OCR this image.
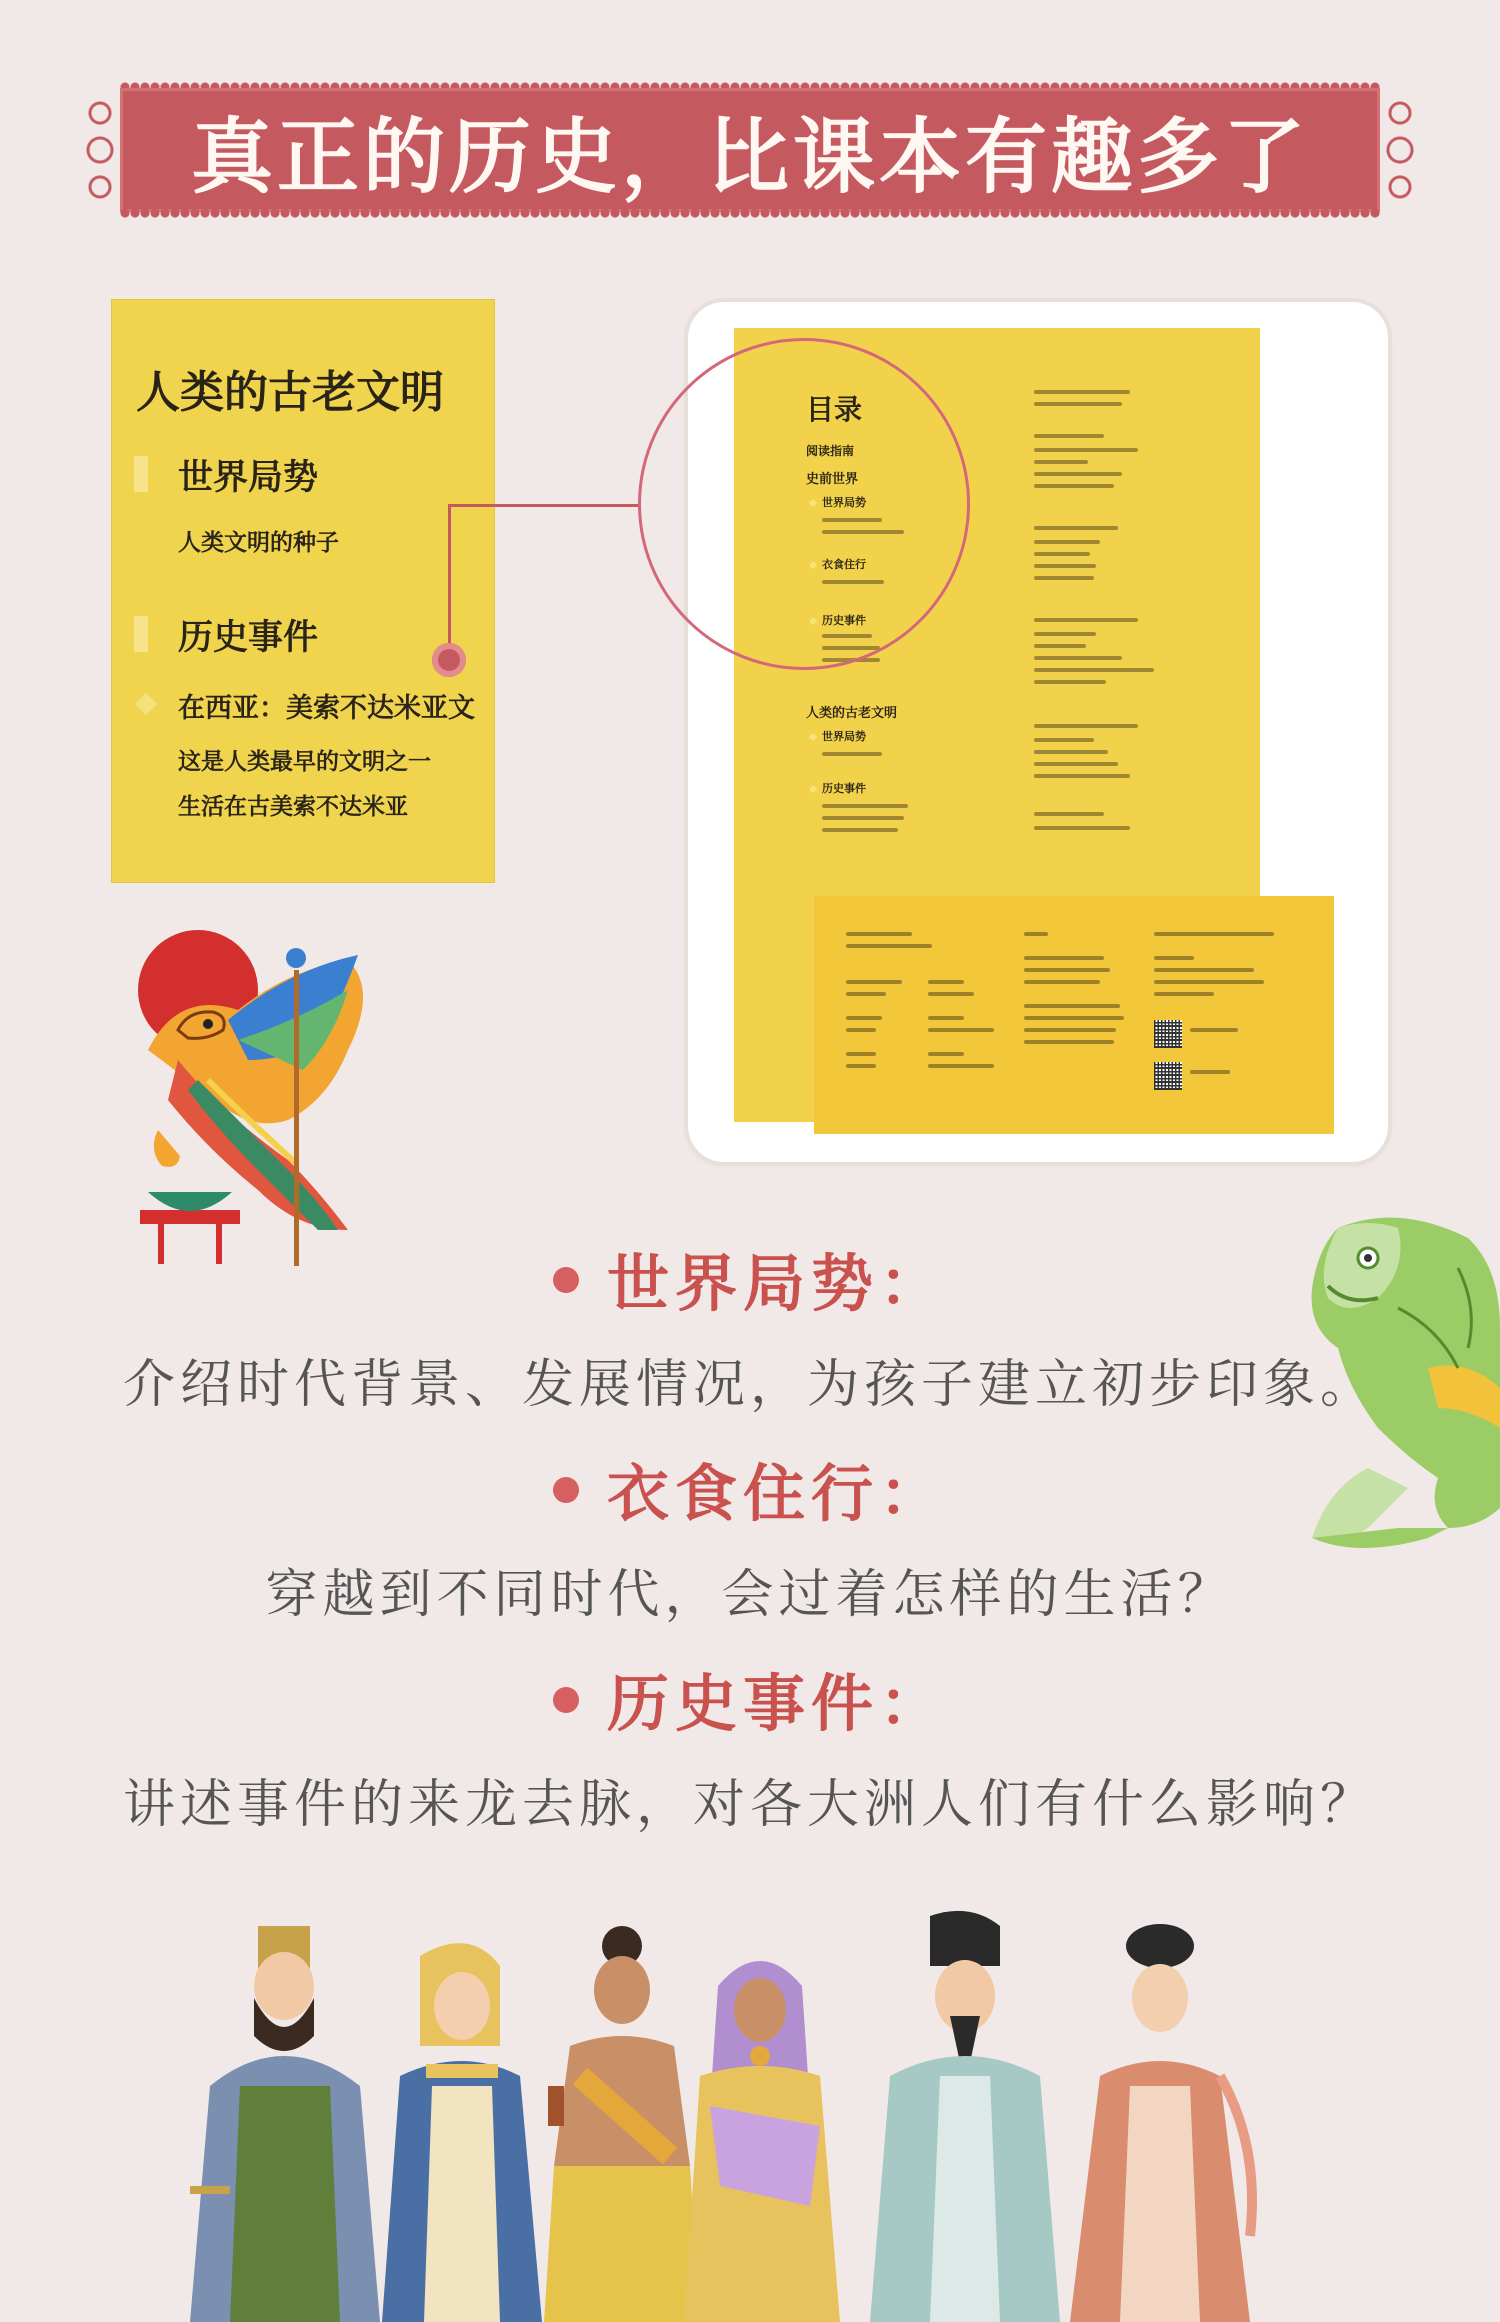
真正的历史，比课本有趣多了
人类的古老文明
世界局势
人类文明的种子
历史事件
在西亚：美索不达米亚文
这是人类最早的文明之一
生活在古美索不达米亚
目录
阅读指南
史前世界
世界局势
衣食住行
历史事件
人类的古老文明
世界局势
历史事件
世界局势：
介绍时代背景、发展情况，为孩子建立初步印象。
衣食住行：
穿越到不同时代，会过着怎样的生活？
历史事件：
讲述事件的来龙去脉，对各大洲人们有什么影响？
